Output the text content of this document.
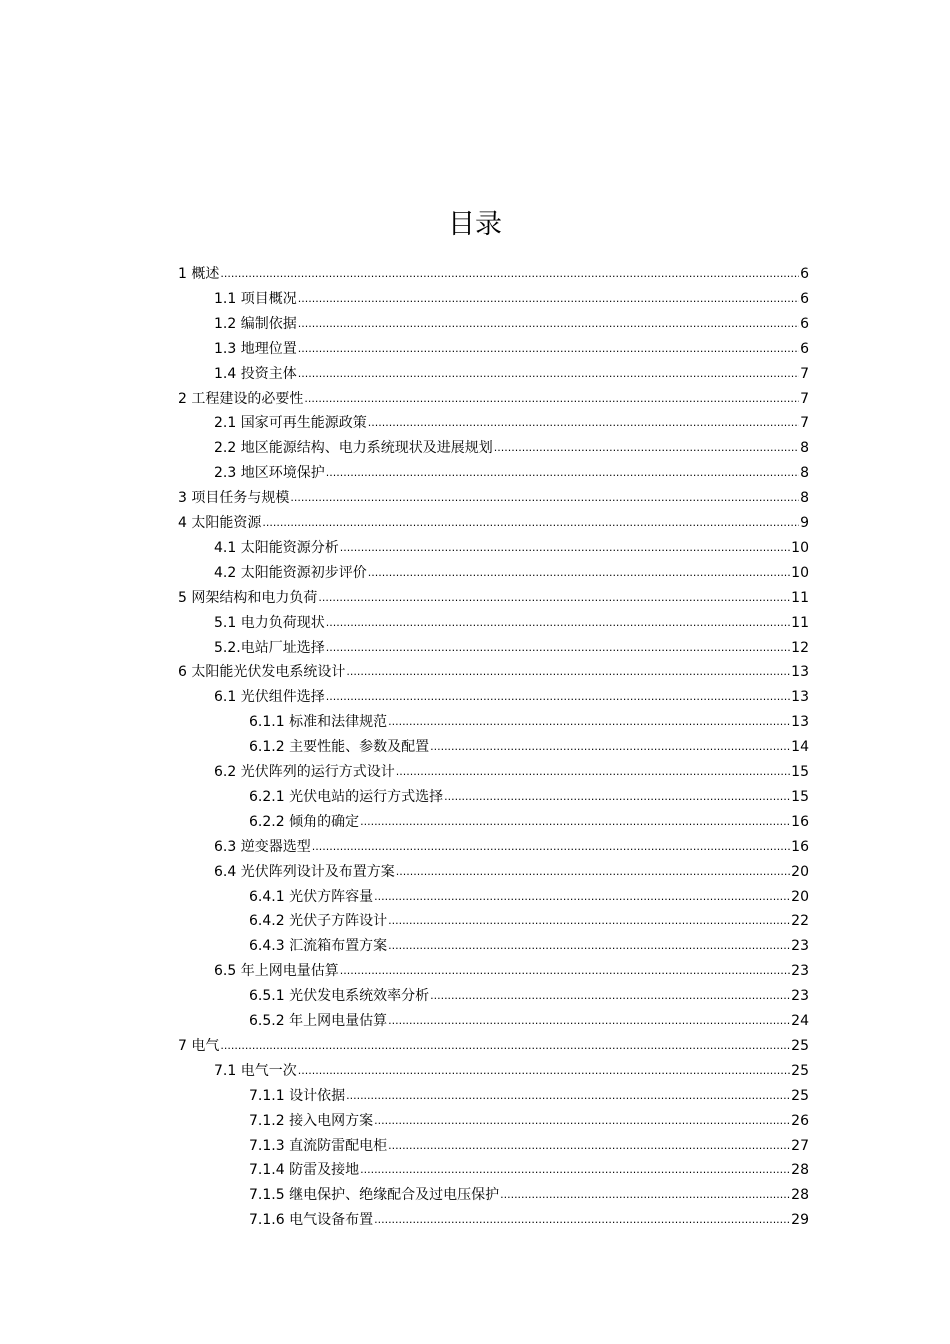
目录
1 概述 .....	6
1.1 项目概况 .....	6
1.2 编制依据 .....	6
1.3 地理位置 .....	6
1.4 投资主体 .....	7
2 工程建设的必要性 .....	7
2.1 国家可再生能源政策 .....	7
2.2 地区能源结构、电力系统现状及进展规划 .....	8
2.3 地区环境保护 .....	8
3 项目任务与规模 .....	8
4 太阳能资源 .....	9
4.1 太阳能资源分析 .....	10
4.2 太阳能资源初步评价 .....	10
5 网架结构和电力负荷 .....	11
5.1 电力负荷现状 .....	11
5.2.电站厂址选择 .....	12
6 太阳能光伏发电系统设计 .....	13
6.1 光伏组件选择 .....	13
6.1.1 标准和法律规范 .....	13
6.1.2 主要性能、参数及配置 .....	14
6.2 光伏阵列的运行方式设计 .....	15
6.2.1 光伏电站的运行方式选择 .....	15
6.2.2 倾角的确定 .....	16
6.3 逆变器选型 .....	16
6.4 光伏阵列设计及布置方案 .....	20
6.4.1 光伏方阵容量 .....	20
6.4.2 光伏子方阵设计 .....	22
6.4.3 汇流箱布置方案 .....	23
6.5 年上网电量估算 .....	23
6.5.1 光伏发电系统效率分析 .....	23
6.5.2 年上网电量估算 .....	24
7 电气 .....	25
7.1 电气一次 .....	25
7.1.1 设计依据 .....	25
7.1.2 接入电网方案 .....	26
7.1.3 直流防雷配电柜 .....	27
7.1.4 防雷及接地 .....	28
7.1.5 继电保护、绝缘配合及过电压保护 .....	28
7.1.6 电气设备布置 .....	29
